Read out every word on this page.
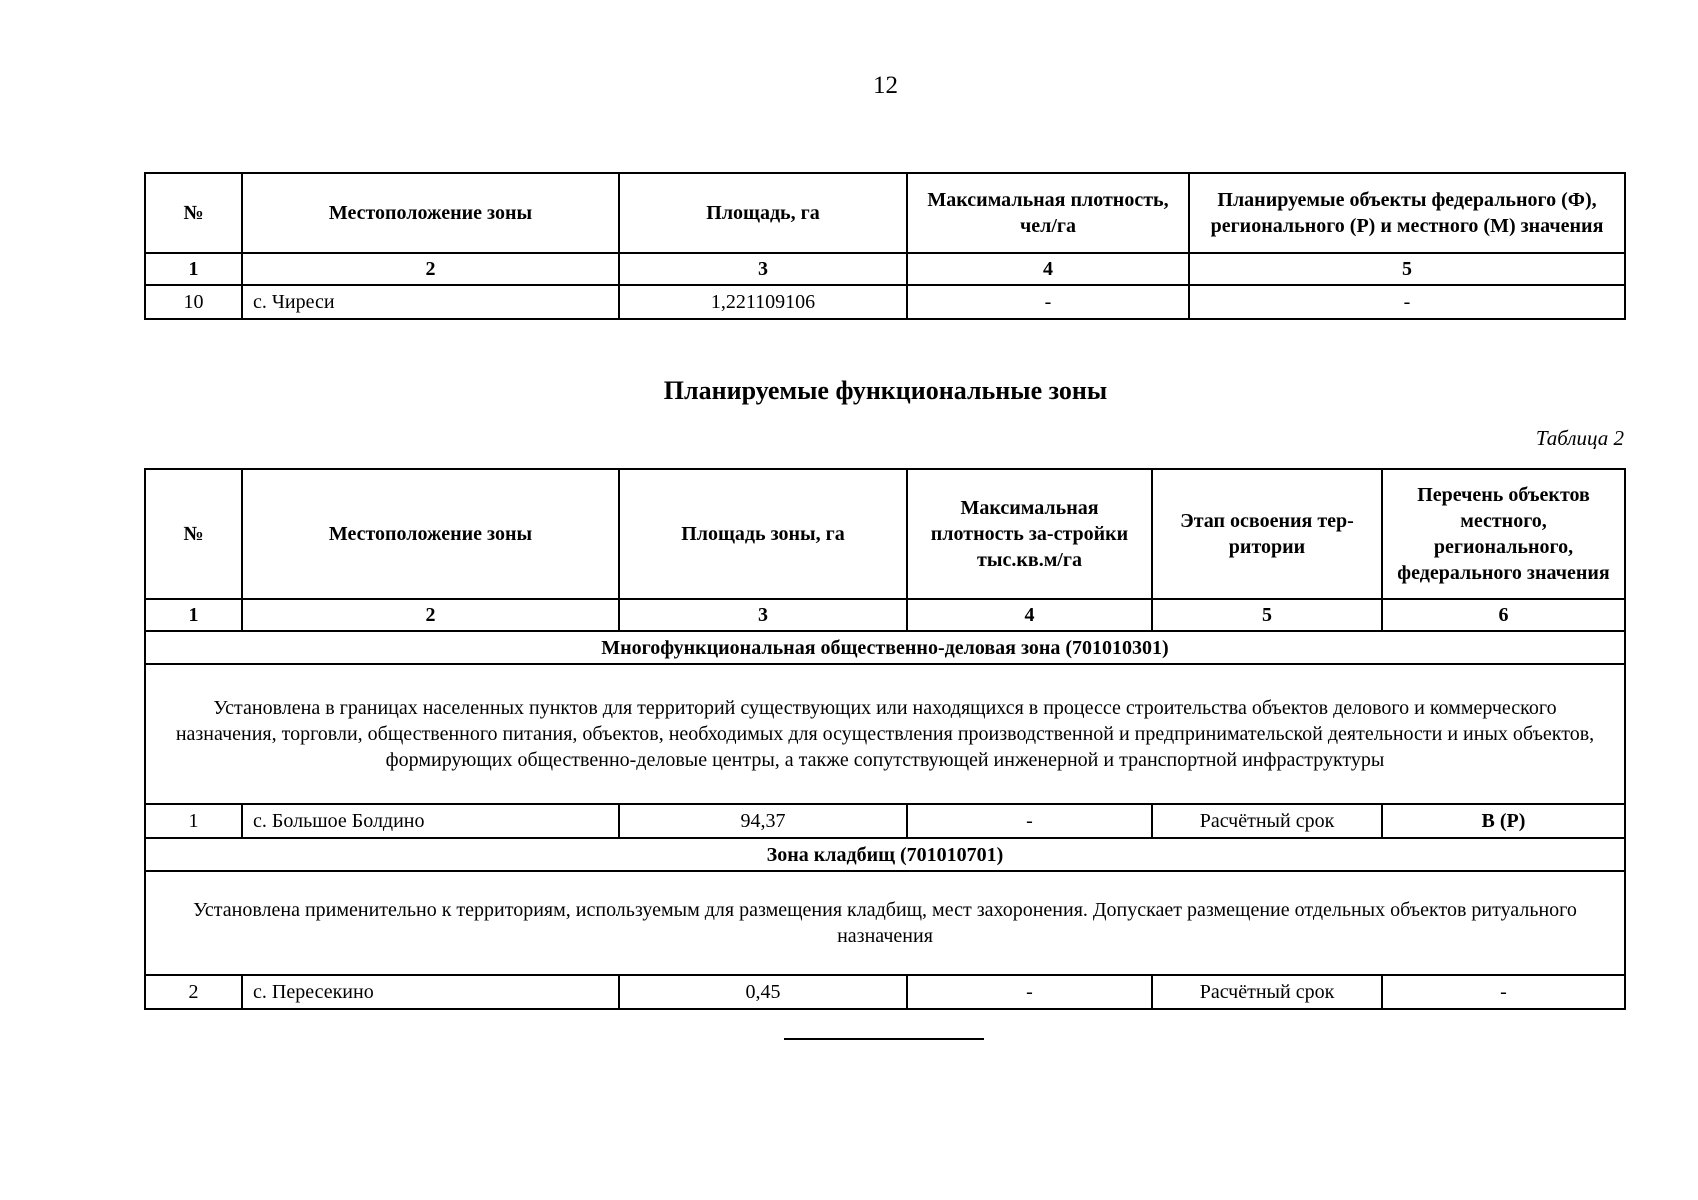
12
№	Местоположение зоны	Площадь, га	Максимальная плотность, чел/га	Планируемые объекты федерального (Ф), регионального (Р) и местного (М) значения
1	2	3	4	5
10	с. Чиреси	1,221109106	-	-
Планируемые функциональные зоны
Таблица 2
№	Местоположение зоны	Площадь зоны, га	Максимальная плотность за-стройки тыс.кв.м/га	Этап освоения тер-ритории	Перечень объектов местного, регионального, федерального значения
1	2	3	4	5	6
Многофункциональная общественно-деловая зона (701010301)					
Установлена в границах населенных пунктов для территорий существующих или находящихся в процессе строительства объектов делового и коммерческого назначения, торговли, общественного питания, объектов, необходимых для осуществления производственной и предпринимательской деятельности и иных объектов, формирующих общественно-деловые центры, а также сопутствующей инженерной и транспортной инфраструктуры					
1	с. Большое Болдино	94,37	-	Расчётный срок	В (Р)
Зона кладбищ (701010701)					
Установлена применительно к территориям, используемым для размещения кладбищ, мест захоронения. Допускает размещение отдельных объектов ритуального назначения					
2	с. Пересекино	0,45	-	Расчётный срок	-
